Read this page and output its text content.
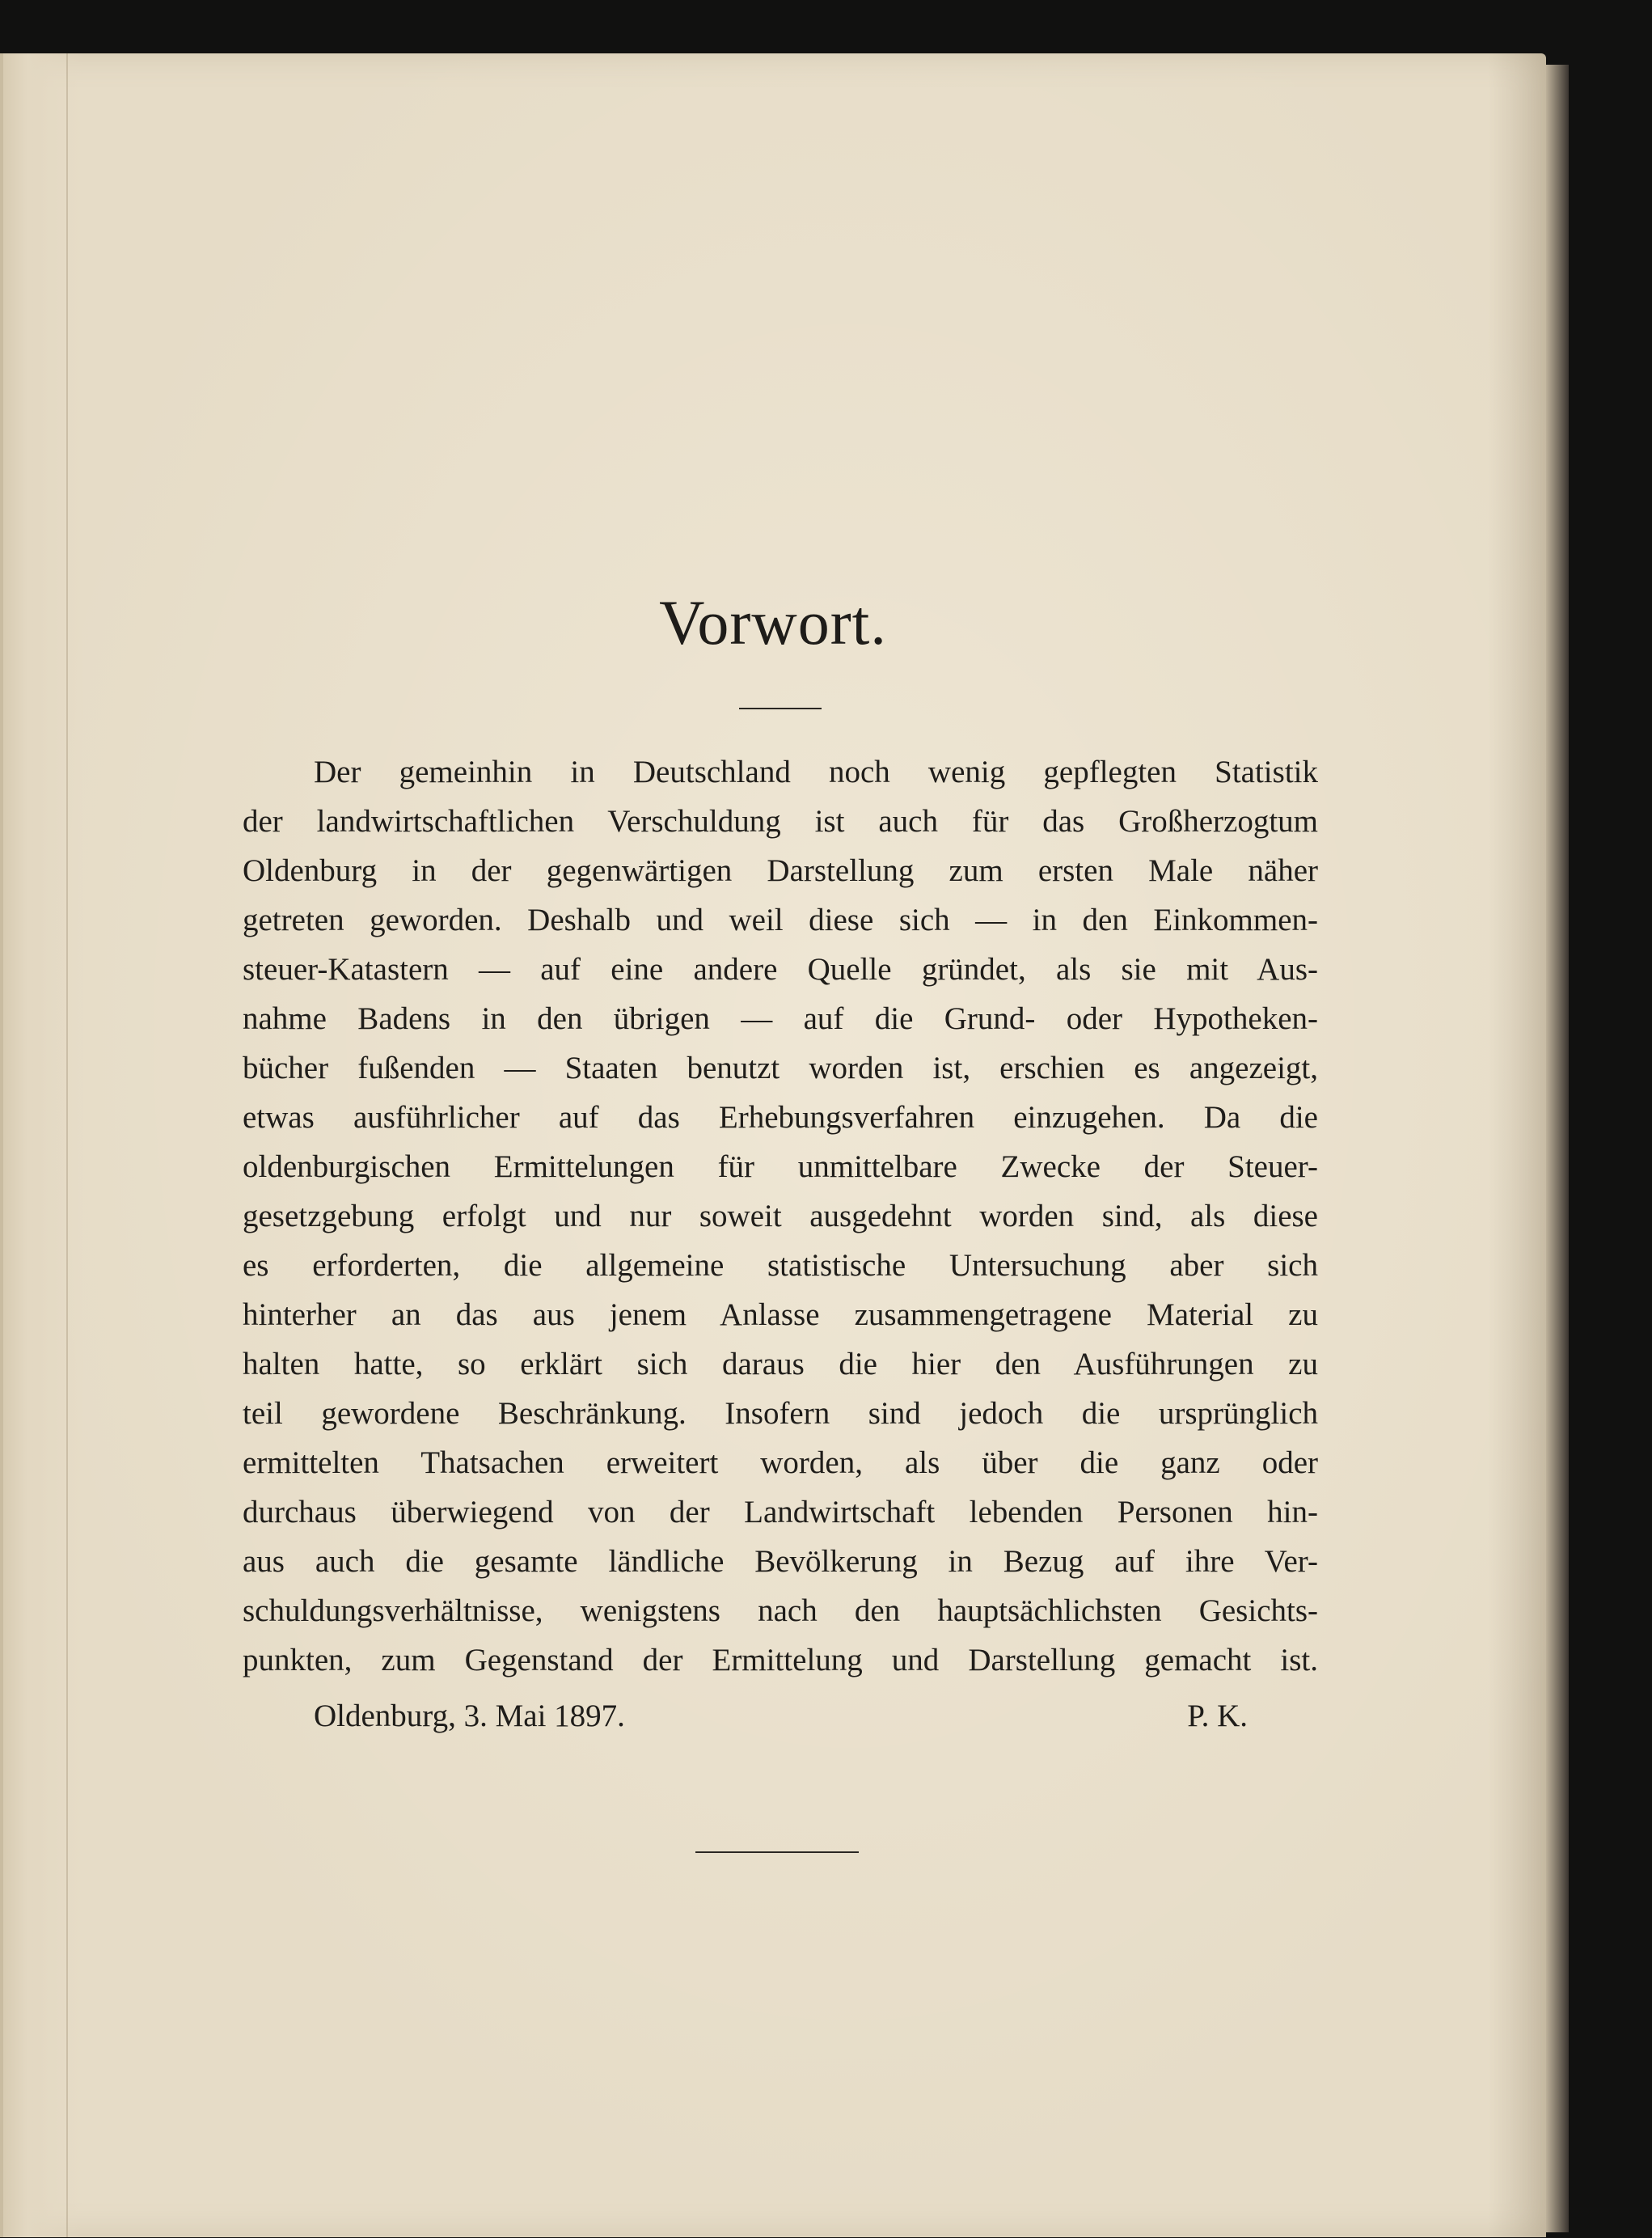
Vorwort.
Der gemeinhin in Deutschland noch wenig gepflegten Statistik
der landwirtschaftlichen Verschuldung ist auch für das Großherzogtum
Oldenburg in der gegenwärtigen Darstellung zum ersten Male näher
getreten geworden. Deshalb und weil diese sich — in den Einkommen-
steuer-Katastern — auf eine andere Quelle gründet, als sie mit Aus-
nahme Badens in den übrigen — auf die Grund- oder Hypotheken-
bücher fußenden — Staaten benutzt worden ist, erschien es angezeigt,
etwas ausführlicher auf das Erhebungsverfahren einzugehen. Da die
oldenburgischen Ermittelungen für unmittelbare Zwecke der Steuer-
gesetzgebung erfolgt und nur soweit ausgedehnt worden sind, als diese
es erforderten, die allgemeine statistische Untersuchung aber sich
hinterher an das aus jenem Anlasse zusammengetragene Material zu
halten hatte, so erklärt sich daraus die hier den Ausführungen zu
teil gewordene Beschränkung. Insofern sind jedoch die ursprünglich
ermittelten Thatsachen erweitert worden, als über die ganz oder
durchaus überwiegend von der Landwirtschaft lebenden Personen hin-
aus auch die gesamte ländliche Bevölkerung in Bezug auf ihre Ver-
schuldungsverhältnisse, wenigstens nach den hauptsächlichsten Gesichts-
punkten, zum Gegenstand der Ermittelung und Darstellung gemacht ist.
Oldenburg, 3. Mai 1897.	P. K.
